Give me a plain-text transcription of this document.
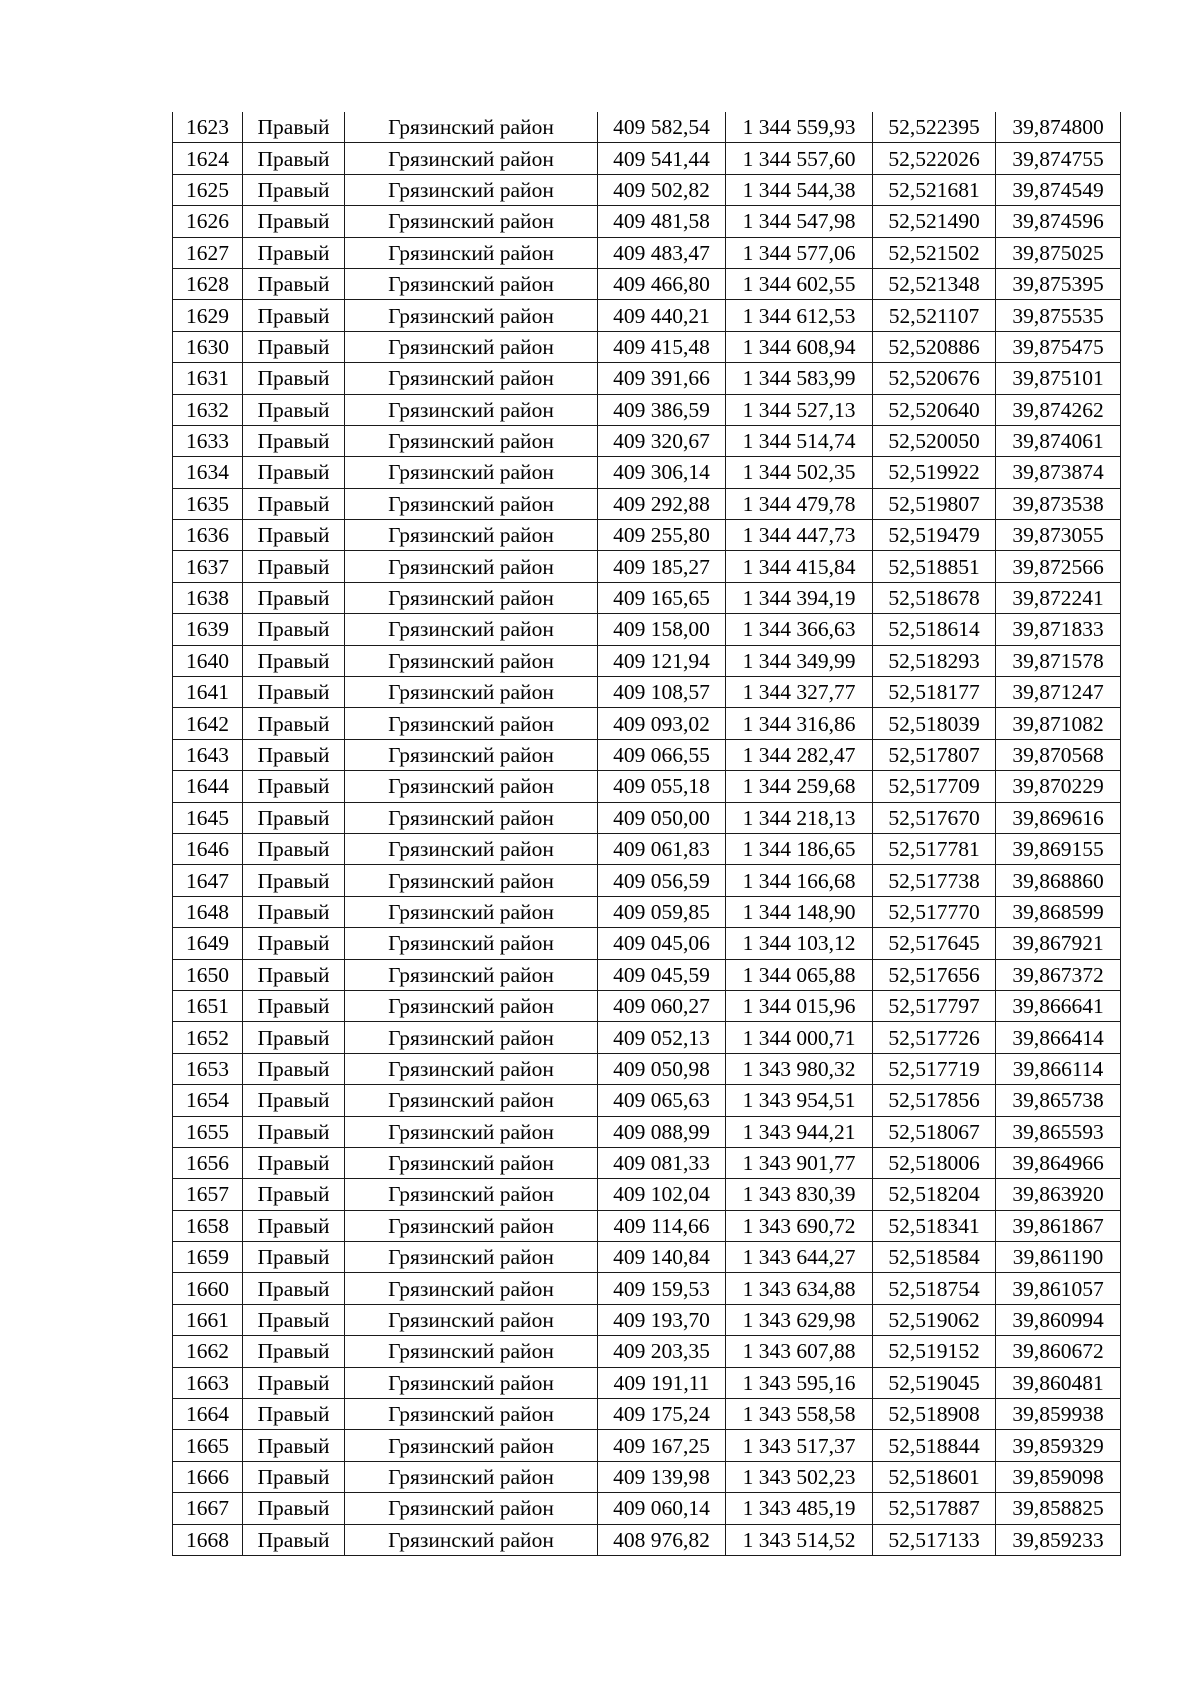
1623	Правый	Грязинский район	409 582,54	1 344 559,93	52,522395	39,874800
1624	Правый	Грязинский район	409 541,44	1 344 557,60	52,522026	39,874755
1625	Правый	Грязинский район	409 502,82	1 344 544,38	52,521681	39,874549
1626	Правый	Грязинский район	409 481,58	1 344 547,98	52,521490	39,874596
1627	Правый	Грязинский район	409 483,47	1 344 577,06	52,521502	39,875025
1628	Правый	Грязинский район	409 466,80	1 344 602,55	52,521348	39,875395
1629	Правый	Грязинский район	409 440,21	1 344 612,53	52,521107	39,875535
1630	Правый	Грязинский район	409 415,48	1 344 608,94	52,520886	39,875475
1631	Правый	Грязинский район	409 391,66	1 344 583,99	52,520676	39,875101
1632	Правый	Грязинский район	409 386,59	1 344 527,13	52,520640	39,874262
1633	Правый	Грязинский район	409 320,67	1 344 514,74	52,520050	39,874061
1634	Правый	Грязинский район	409 306,14	1 344 502,35	52,519922	39,873874
1635	Правый	Грязинский район	409 292,88	1 344 479,78	52,519807	39,873538
1636	Правый	Грязинский район	409 255,80	1 344 447,73	52,519479	39,873055
1637	Правый	Грязинский район	409 185,27	1 344 415,84	52,518851	39,872566
1638	Правый	Грязинский район	409 165,65	1 344 394,19	52,518678	39,872241
1639	Правый	Грязинский район	409 158,00	1 344 366,63	52,518614	39,871833
1640	Правый	Грязинский район	409 121,94	1 344 349,99	52,518293	39,871578
1641	Правый	Грязинский район	409 108,57	1 344 327,77	52,518177	39,871247
1642	Правый	Грязинский район	409 093,02	1 344 316,86	52,518039	39,871082
1643	Правый	Грязинский район	409 066,55	1 344 282,47	52,517807	39,870568
1644	Правый	Грязинский район	409 055,18	1 344 259,68	52,517709	39,870229
1645	Правый	Грязинский район	409 050,00	1 344 218,13	52,517670	39,869616
1646	Правый	Грязинский район	409 061,83	1 344 186,65	52,517781	39,869155
1647	Правый	Грязинский район	409 056,59	1 344 166,68	52,517738	39,868860
1648	Правый	Грязинский район	409 059,85	1 344 148,90	52,517770	39,868599
1649	Правый	Грязинский район	409 045,06	1 344 103,12	52,517645	39,867921
1650	Правый	Грязинский район	409 045,59	1 344 065,88	52,517656	39,867372
1651	Правый	Грязинский район	409 060,27	1 344 015,96	52,517797	39,866641
1652	Правый	Грязинский район	409 052,13	1 344 000,71	52,517726	39,866414
1653	Правый	Грязинский район	409 050,98	1 343 980,32	52,517719	39,866114
1654	Правый	Грязинский район	409 065,63	1 343 954,51	52,517856	39,865738
1655	Правый	Грязинский район	409 088,99	1 343 944,21	52,518067	39,865593
1656	Правый	Грязинский район	409 081,33	1 343 901,77	52,518006	39,864966
1657	Правый	Грязинский район	409 102,04	1 343 830,39	52,518204	39,863920
1658	Правый	Грязинский район	409 114,66	1 343 690,72	52,518341	39,861867
1659	Правый	Грязинский район	409 140,84	1 343 644,27	52,518584	39,861190
1660	Правый	Грязинский район	409 159,53	1 343 634,88	52,518754	39,861057
1661	Правый	Грязинский район	409 193,70	1 343 629,98	52,519062	39,860994
1662	Правый	Грязинский район	409 203,35	1 343 607,88	52,519152	39,860672
1663	Правый	Грязинский район	409 191,11	1 343 595,16	52,519045	39,860481
1664	Правый	Грязинский район	409 175,24	1 343 558,58	52,518908	39,859938
1665	Правый	Грязинский район	409 167,25	1 343 517,37	52,518844	39,859329
1666	Правый	Грязинский район	409 139,98	1 343 502,23	52,518601	39,859098
1667	Правый	Грязинский район	409 060,14	1 343 485,19	52,517887	39,858825
1668	Правый	Грязинский район	408 976,82	1 343 514,52	52,517133	39,859233
